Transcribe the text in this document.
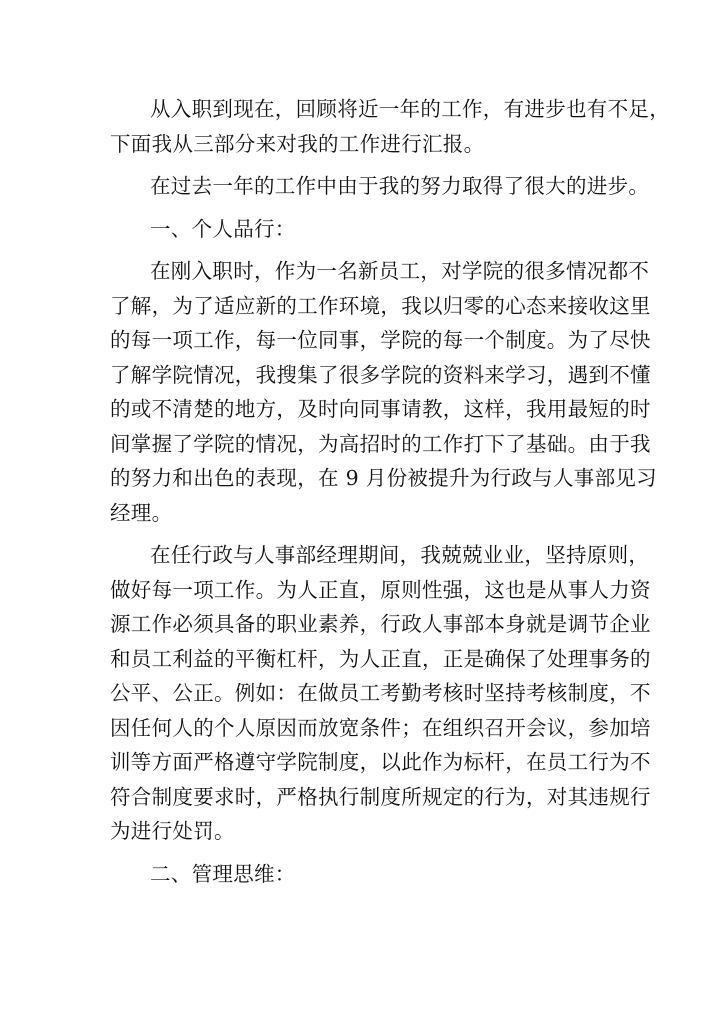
从入职到现在，回顾将近一年的工作，有进步也有不足，
下面我从三部分来对我的工作进行汇报。
在过去一年的工作中由于我的努力取得了很大的进步。
一、个人品行：
在刚入职时，作为一名新员工，对学院的很多情况都不
了解，为了适应新的工作环境，我以归零的心态来接收这里
的每一项工作，每一位同事，学院的每一个制度。为了尽快
了解学院情况，我搜集了很多学院的资料来学习，遇到不懂
的或不清楚的地方，及时向同事请教，这样，我用最短的时
间掌握了学院的情况，为高招时的工作打下了基础。由于我
的努力和出色的表现，在 9 月份被提升为行政与人事部见习
经理。
在任行政与人事部经理期间，我兢兢业业，坚持原则，
做好每一项工作。为人正直，原则性强，这也是从事人力资
源工作必须具备的职业素养，行政人事部本身就是调节企业
和员工利益的平衡杠杆，为人正直，正是确保了处理事务的
公平、公正。例如：在做员工考勤考核时坚持考核制度，不
因任何人的个人原因而放宽条件；在组织召开会议，参加培
训等方面严格遵守学院制度，以此作为标杆，在员工行为不
符合制度要求时，严格执行制度所规定的行为，对其违规行
为进行处罚。
二、管理思维：
